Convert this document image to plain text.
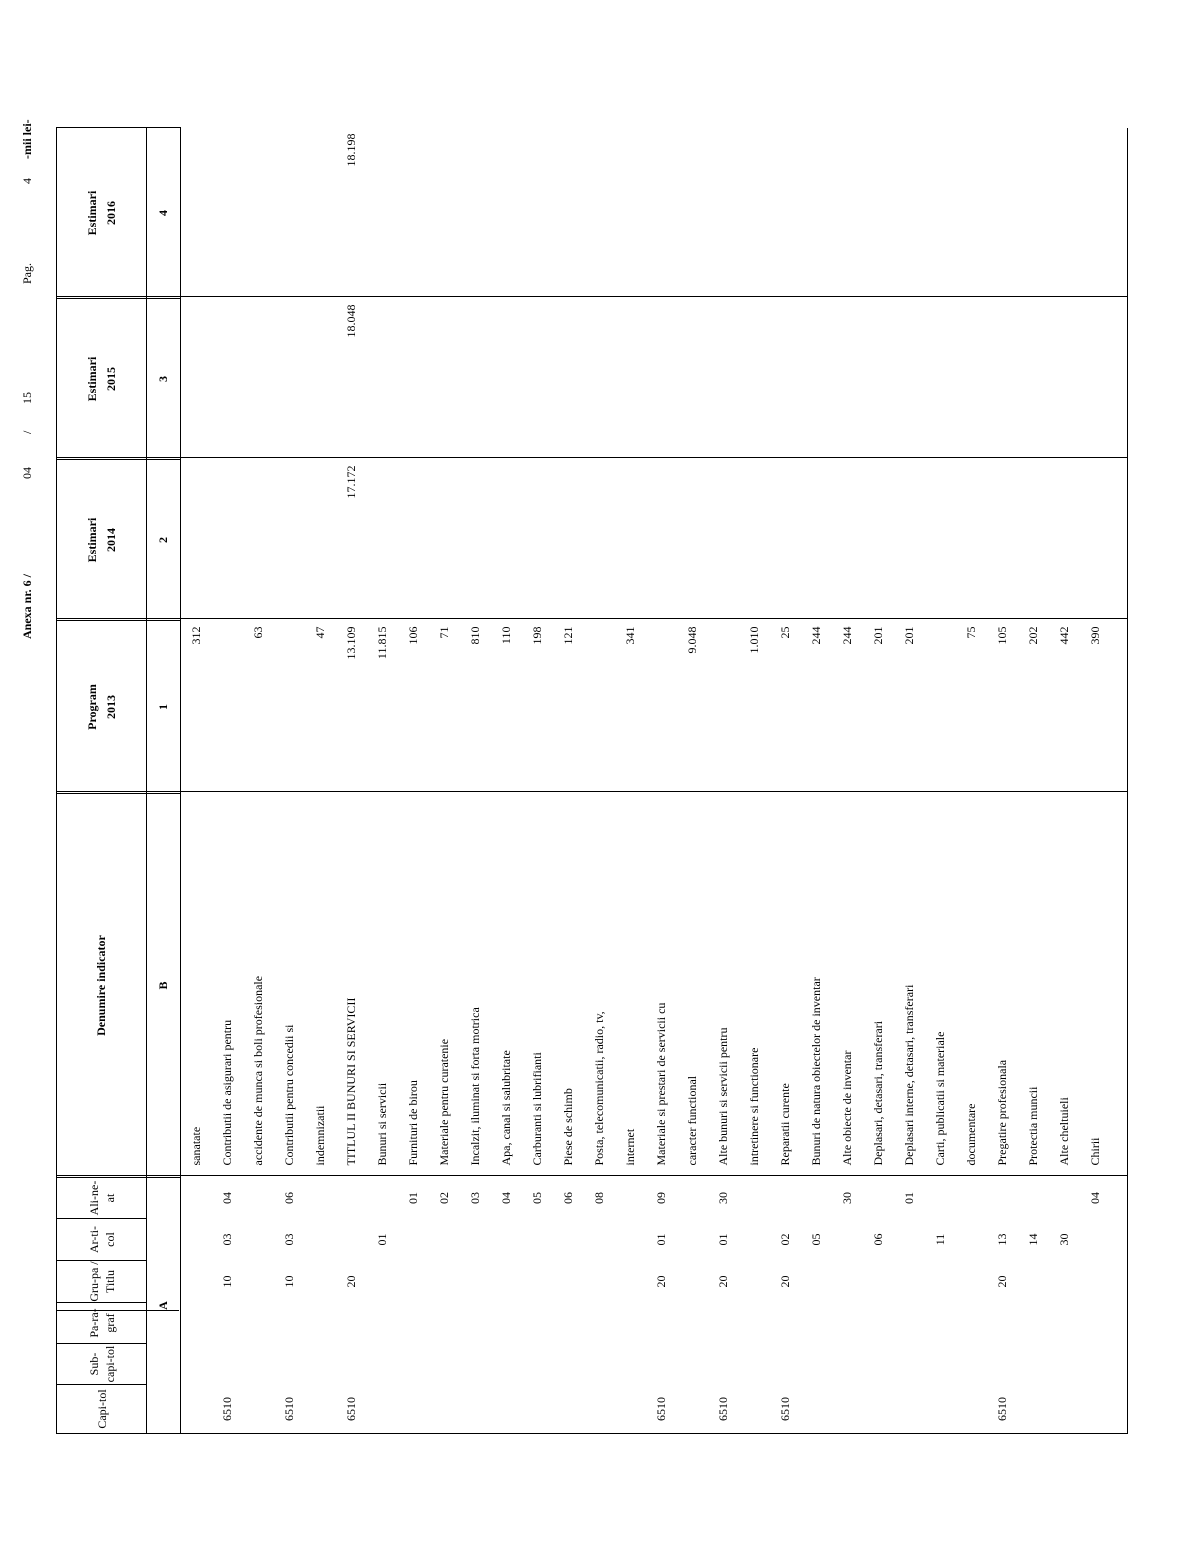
Anexa nr. 6 /
04
/
15
Pag.
4
-mii lei-
Capi-tol	Sub-capi-tol	Pa-ra-graf	Gru-pa / Titlu	Ar-ti-col	Ali-ne-at	Denumire indicator	Program 2013	Estimari 2014	Estimari 2015	Estimari 2016
A						B	1	2	3	4
						sanatate	312			
6510			10	03	04	Contributii de asigurari pentru				
						accidente de munca si boli profesionale	63			
6510			10	03	06	Contributii pentru concedii si				
						indemnizatii	47			
6510			20			TITLUL II BUNURI SI SERVICII	13.109	17.172	18.048	18.198
				01		Bunuri si servicii	11.815			
					01	Furnituri de birou	106			
					02	Materiale pentru curatenie	71			
					03	Incalzit, iluminat si forta motrica	810			
					04	Apa, canal si salubritate	110			
					05	Carburanti si lubrifianti	198			
					06	Piese de schimb	121			
					08	Posta, telecomunicatii, radio, tv,				
						internet	341			
6510			20	01	09	Materiale si prestari de servicii cu				
						caracter functional	9.048			
6510			20	01	30	Alte bunuri si servicii pentru				
						intretinere si functionare	1.010			
6510			20	02		Reparatii curente	25			
				05		Bunuri de natura obiectelor de inventar	244			
					30	Alte obiecte de inventar	244			
				06		Deplasari, detasari, transferari	201			
					01	Deplasari interne, detasari, transferari	201			
				11		Carti, publicatii si materiale				
						documentare	75			
6510			20	13		Pregatire profesionala	105			
				14		Protectia muncii	202			
				30		Alte cheltuieli	442			
					04	Chirii	390			
